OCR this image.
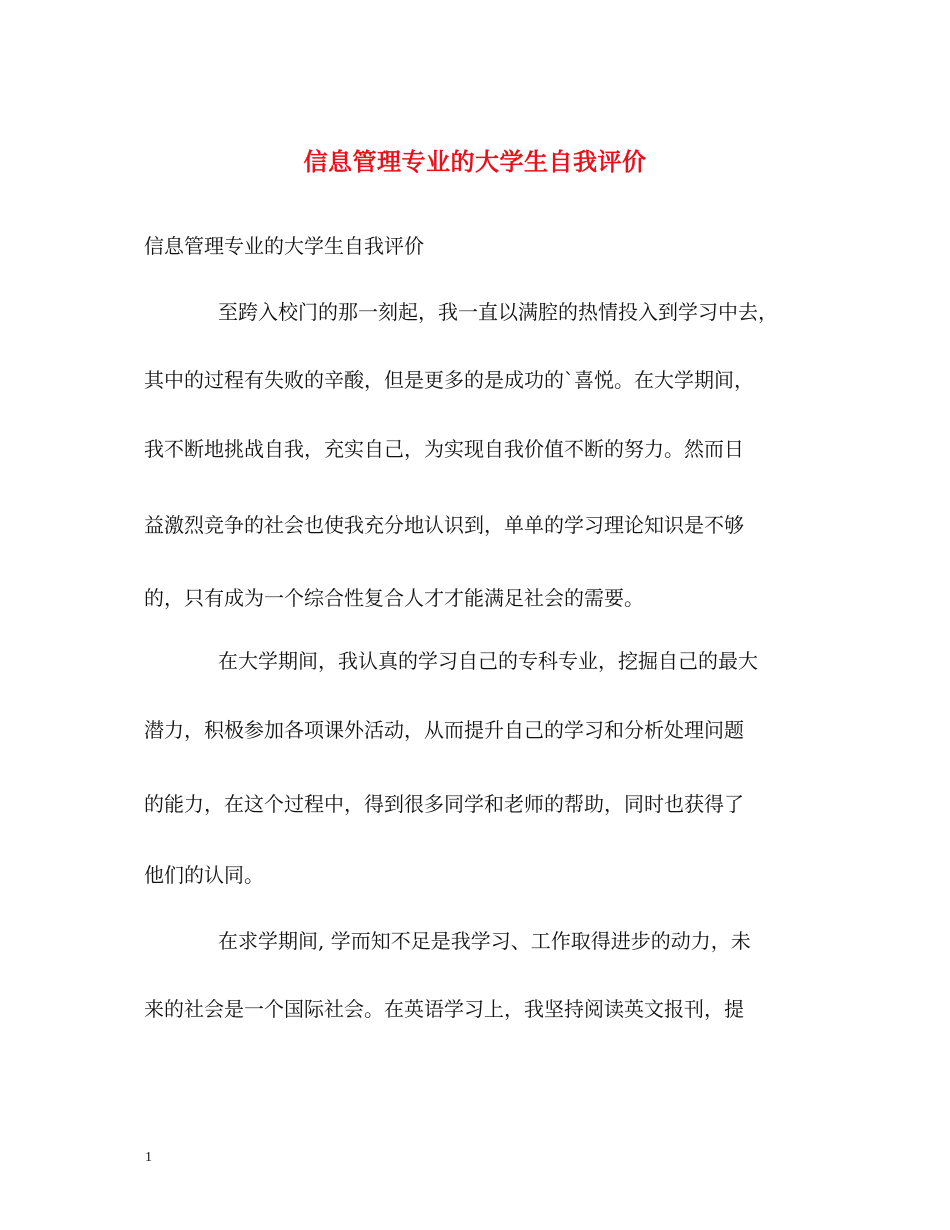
信息管理专业的大学生自我评价

信息管理专业的大学生自我评价

至跨入校门的那一刻起，我一直以满腔的热情投入到学习中去，

其中的过程有失败的辛酸，但是更多的是成功的`喜悦。在大学期间，

我不断地挑战自我，充实自己，为实现自我价值不断的努力。然而日

益激烈竞争的社会也使我充分地认识到，单单的学习理论知识是不够

的，只有成为一个综合性复合人才才能满足社会的需要。

在大学期间，我认真的学习自己的专科专业，挖掘自己的最大

潜力，积极参加各项课外活动，从而提升自己的学习和分析处理问题

的能力，在这个过程中，得到很多同学和老师的帮助，同时也获得了

他们的认同。

在求学期间, 学而知不足是我学习、工作取得进步的动力，未

来的社会是一个国际社会。在英语学习上，我坚持阅读英文报刊，提

1
